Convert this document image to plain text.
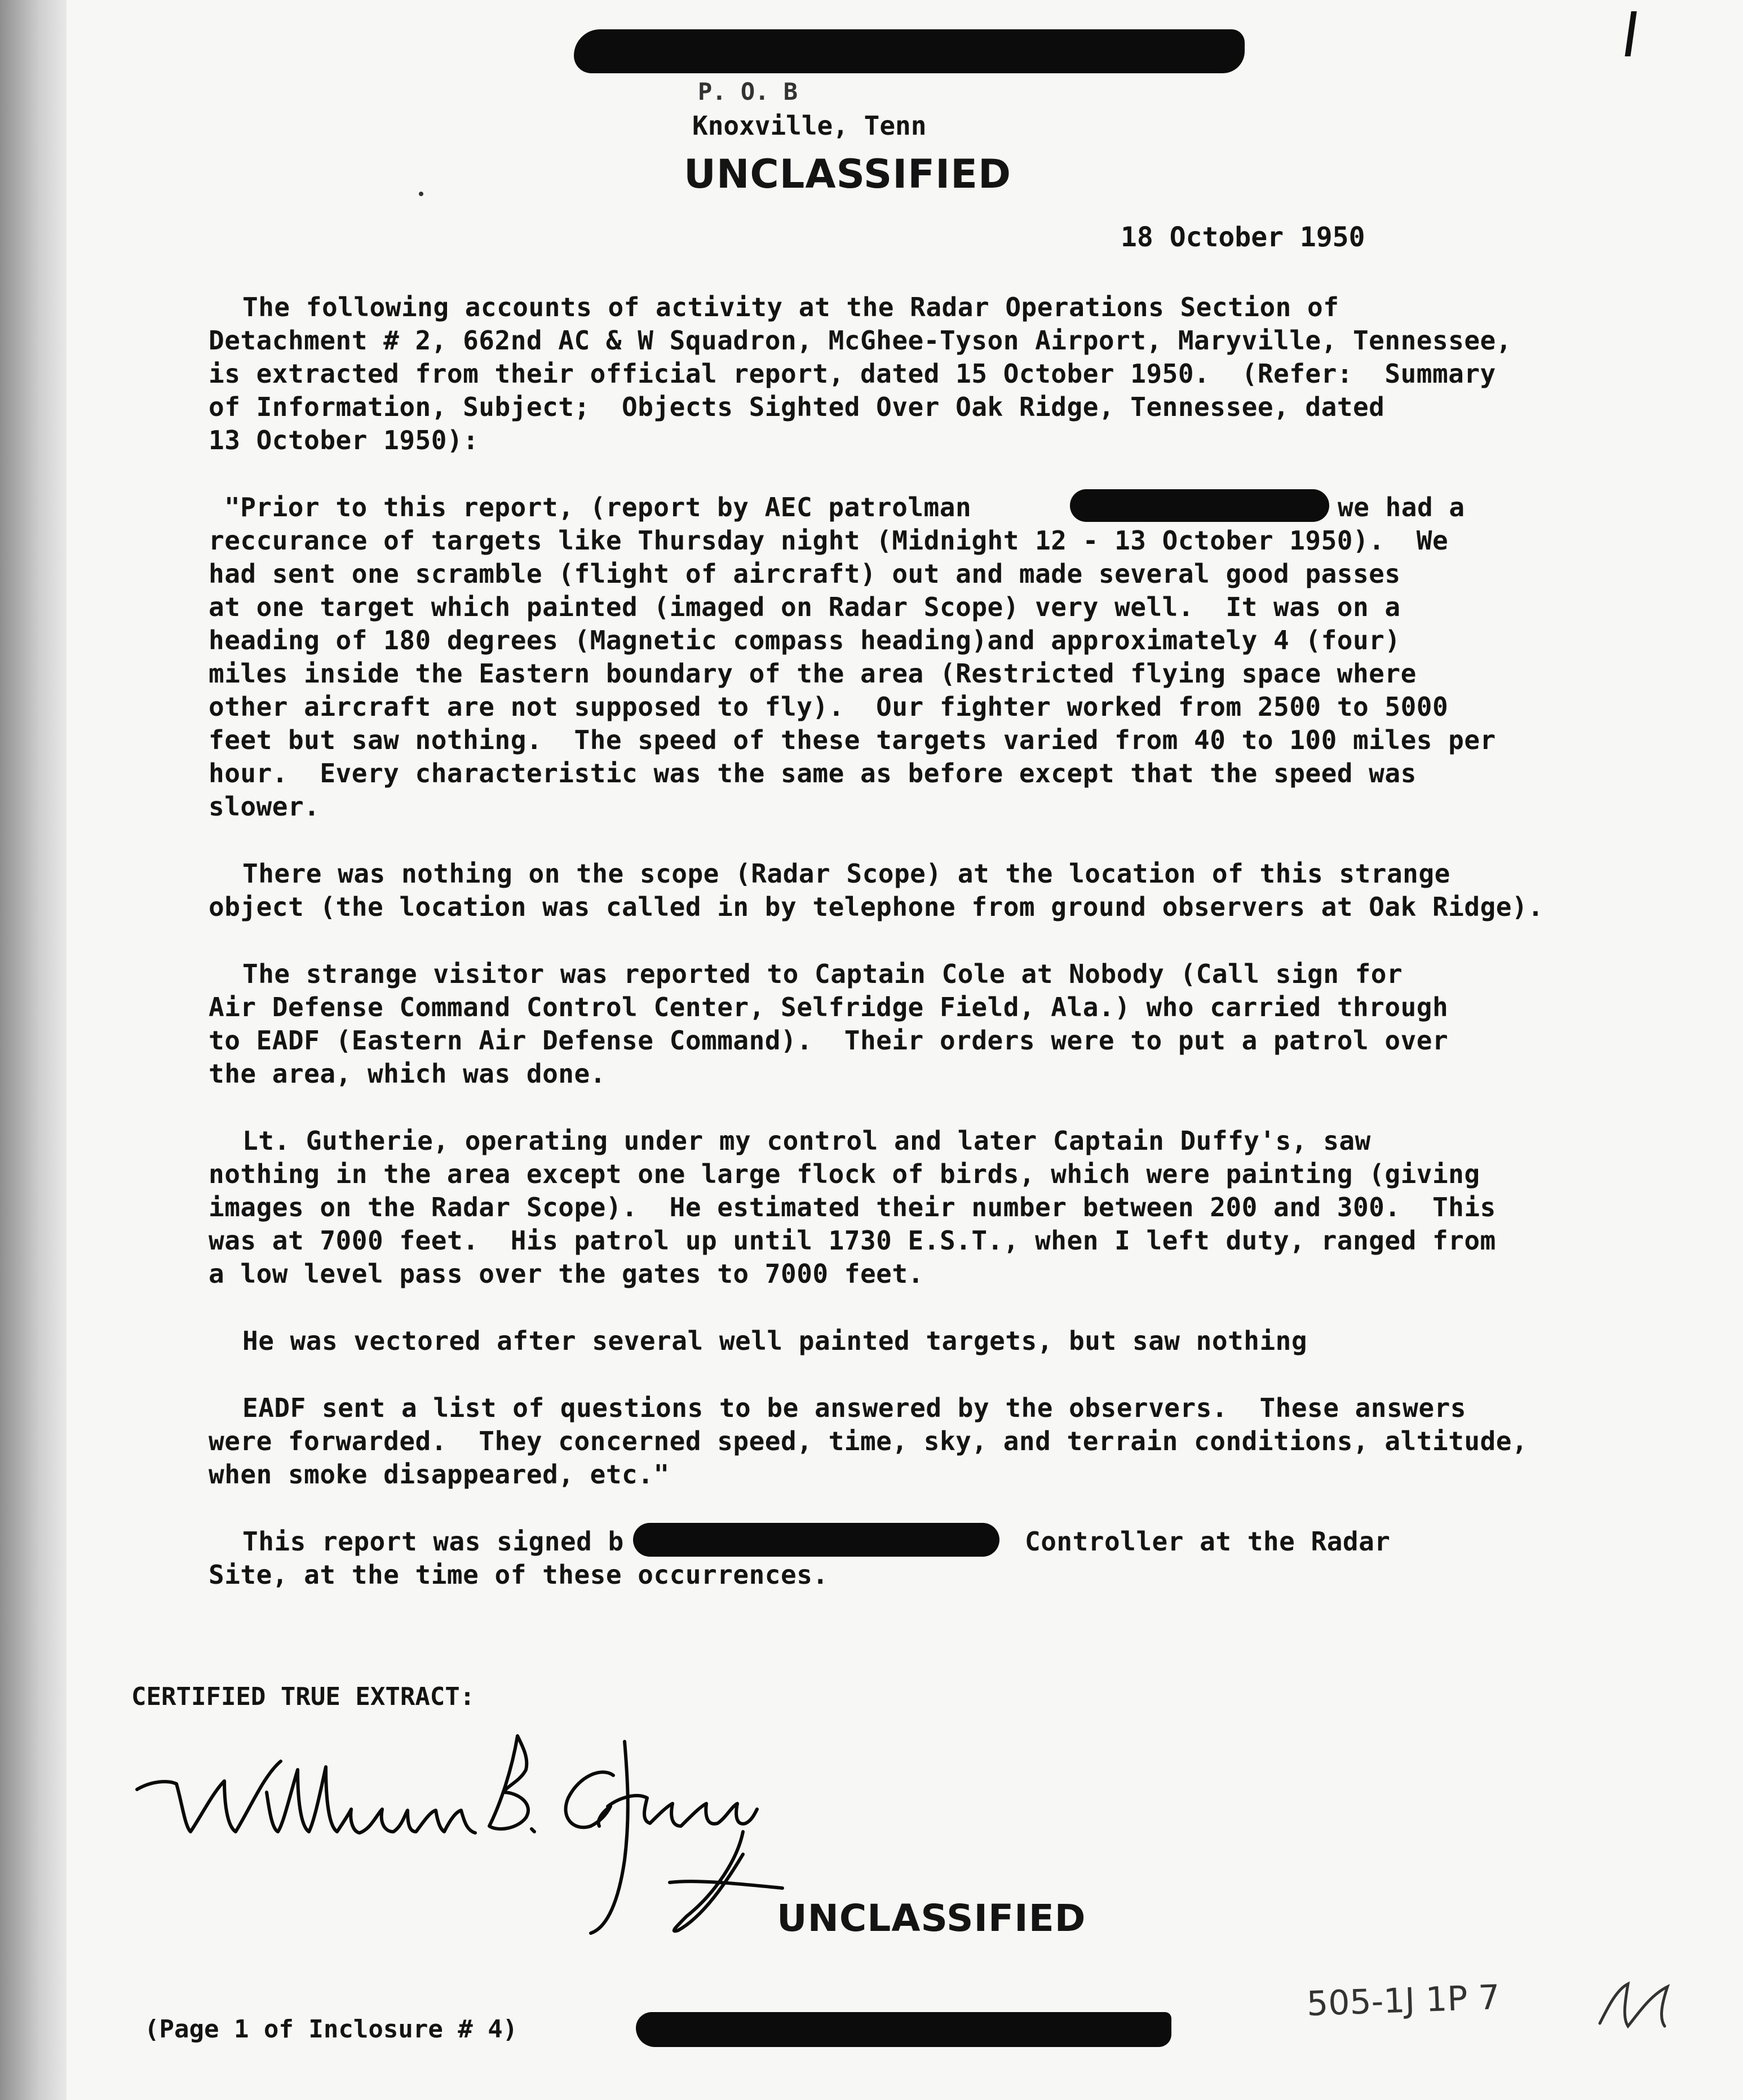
P. O. B
Knoxville, Tenn
UNCLASSIFIED
18 October 1950
The following accounts of activity at the Radar Operations Section of
Detachment # 2, 662nd AC & W Squadron, McGhee-Tyson Airport, Maryville, Tennessee,
is extracted from their official report, dated 15 October 1950.  (Refer:  Summary
of Information, Subject;  Objects Sighted Over Oak Ridge, Tennessee, dated
13 October 1950):
"Prior to this report, (report by AEC patrolman	we had a
reccurance of targets like Thursday night (Midnight 12 - 13 October 1950).  We
had sent one scramble (flight of aircraft) out and made several good passes
at one target which painted (imaged on Radar Scope) very well.  It was on a
heading of 180 degrees (Magnetic compass heading)and approximately 4 (four)
miles inside the Eastern boundary of the area (Restricted flying space where
other aircraft are not supposed to fly).  Our fighter worked from 2500 to 5000
feet but saw nothing.  The speed of these targets varied from 40 to 100 miles per
hour.  Every characteristic was the same as before except that the speed was
slower.
There was nothing on the scope (Radar Scope) at the location of this strange
object (the location was called in by telephone from ground observers at Oak Ridge).
The strange visitor was reported to Captain Cole at Nobody (Call sign for
Air Defense Command Control Center, Selfridge Field, Ala.) who carried through
to EADF (Eastern Air Defense Command).  Their orders were to put a patrol over
the area, which was done.
Lt. Gutherie, operating under my control and later Captain Duffy's, saw
nothing in the area except one large flock of birds, which were painting (giving
images on the Radar Scope).  He estimated their number between 200 and 300.  This
was at 7000 feet.  His patrol up until 1730 E.S.T., when I left duty, ranged from
a low level pass over the gates to 7000 feet.
He was vectored after several well painted targets, but saw nothing
EADF sent a list of questions to be answered by the observers.  These answers
were forwarded.  They concerned speed, time, sky, and terrain conditions, altitude,
when smoke disappeared, etc."
This report was signed b	Controller at the Radar
Site, at the time of these occurrences.
CERTIFIED TRUE EXTRACT:
UNCLASSIFIED
(Page 1 of Inclosure # 4)
505-1J 1P 7
